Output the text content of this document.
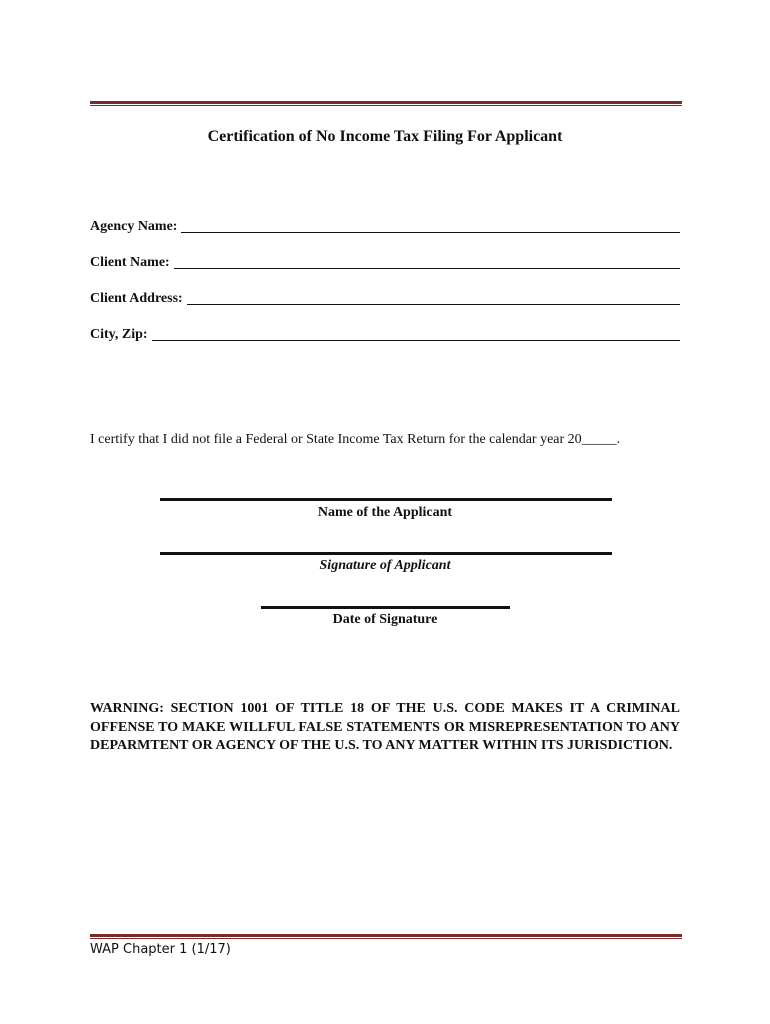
Certification of No Income Tax Filing For Applicant
Agency Name:
Client Name:
Client Address:
City, Zip:
I certify that I did not file a Federal or State Income Tax Return for the calendar year 20_____.
Name of the Applicant
Signature of Applicant
Date of Signature
WARNING: SECTION 1001 OF TITLE 18 OF THE U.S. CODE MAKES IT A CRIMINAL OFFENSE TO MAKE WILLFUL FALSE STATEMENTS OR MISREPRESENTATION TO ANY DEPARMTENT OR AGENCY OF THE U.S. TO ANY MATTER WITHIN ITS JURISDICTION.
WAP Chapter 1 (1/17)
